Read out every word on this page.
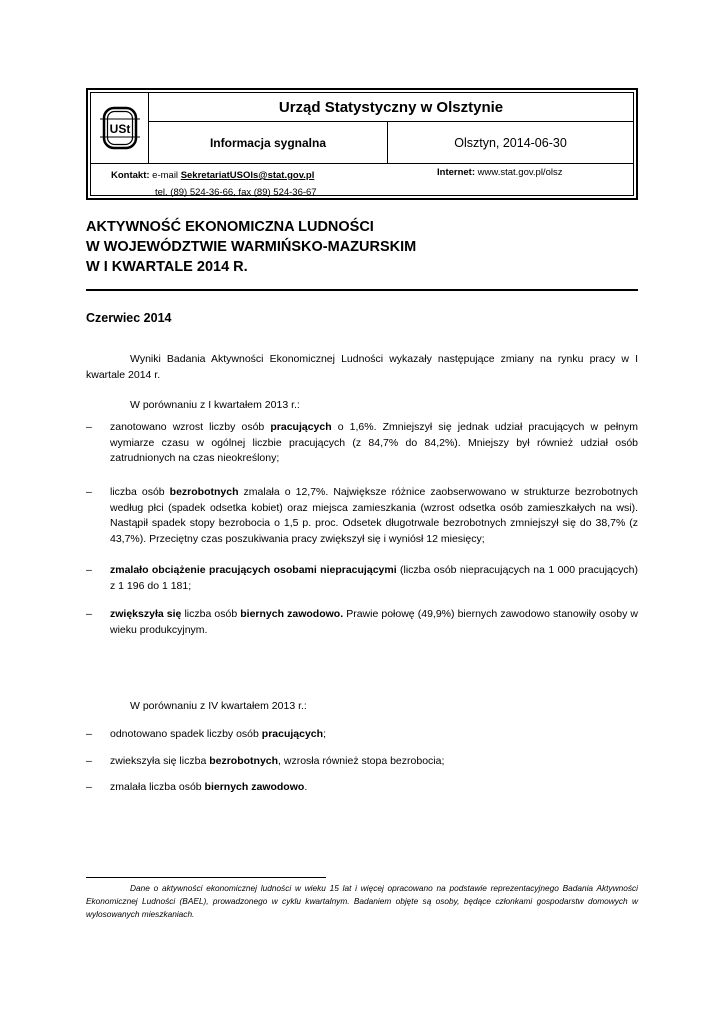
USt
Urząd Statystyczny w Olsztynie
Informacja sygnalna	Olsztyn, 2014-06-30
Kontakt: e-mail SekretariatUSOls@stat.gov.pl
tel. (89) 524-36-66, fax (89) 524-36-67
Internet: www.stat.gov.pl/olsz
AKTYWNOŚĆ EKONOMICZNA LUDNOŚCI
W WOJEWÓDZTWIE WARMIŃSKO-MAZURSKIM
W I KWARTALE 2014 R.
Czerwiec 2014
Wyniki Badania Aktywności Ekonomicznej Ludności wykazały następujące zmiany na rynku pracy w I kwartale 2014 r.
W porównaniu z I kwartałem 2013 r.:
–	zanotowano wzrost liczby osób pracujących o 1,6%. Zmniejszył się jednak udział pracujących w pełnym wymiarze czasu w ogólnej liczbie pracujących (z 84,7% do 84,2%). Mniejszy był również udział osób zatrudnionych na czas nieokreślony;
–	liczba osób bezrobotnych zmalała o 12,7%. Największe różnice zaobserwowano w strukturze bezrobotnych według płci (spadek odsetka kobiet) oraz miejsca zamieszkania (wzrost odsetka osób zamieszkałych na wsi). Nastąpił spadek stopy bezrobocia o 1,5 p. proc. Odsetek długotrwale bezrobotnych zmniejszył się do 38,7% (z 43,7%). Przeciętny czas poszukiwania pracy zwiększył się i wyniósł 12 miesięcy;
–	zmalało obciążenie pracujących osobami niepracującymi (liczba osób niepracujących na 1 000 pracujących) z 1 196 do 1 181;
–	zwiększyła się liczba osób biernych zawodowo. Prawie połowę (49,9%) biernych zawodowo stanowiły osoby w wieku produkcyjnym.
W porównaniu z IV kwartałem 2013 r.:
–	odnotowano spadek liczby osób pracujących;
–	zwiekszyła się liczba bezrobotnych, wzrosła również stopa bezrobocia;
–	zmalała liczba osób biernych zawodowo.
Dane o aktywności ekonomicznej ludności w wieku 15 lat i więcej opracowano na podstawie reprezentacyjnego Badania Aktywności Ekonomicznej Ludności (BAEL), prowadzonego w cyklu kwartalnym. Badaniem objęte są osoby, będące członkami gospodarstw domowych w wylosowanych mieszkaniach.
